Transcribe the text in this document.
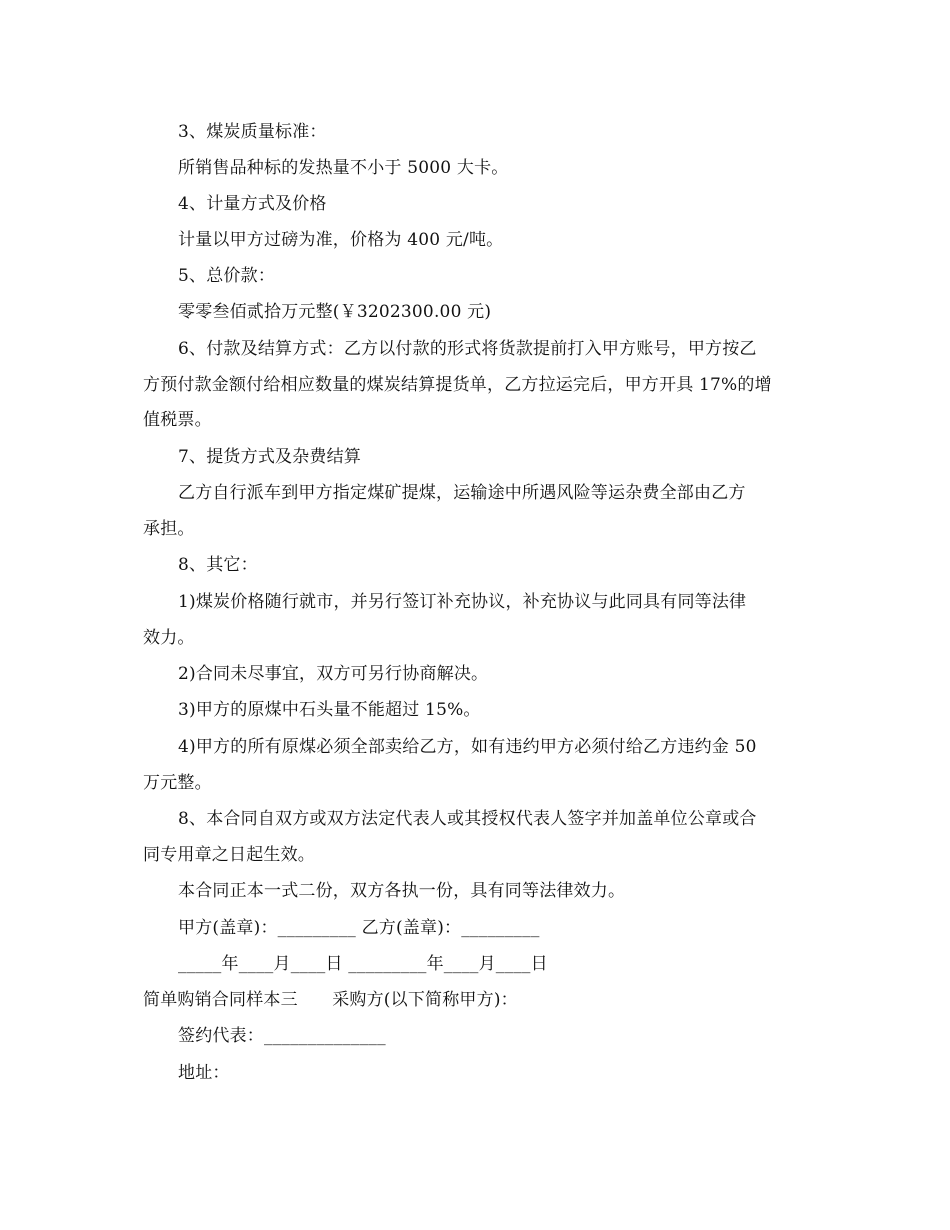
3、煤炭质量标准：
所销售品种标的发热量不小于 5000 大卡。
4、计量方式及价格
计量以甲方过磅为准，价格为 400 元/吨。
5、总价款：
零零叁佰贰拾万元整(￥3202300.00 元)
6、付款及结算方式：乙方以付款的形式将货款提前打入甲方账号，甲方按乙
方预付款金额付给相应数量的煤炭结算提货单，乙方拉运完后，甲方开具 17%的增
值税票。
7、提货方式及杂费结算
乙方自行派车到甲方指定煤矿提煤，运输途中所遇风险等运杂费全部由乙方
承担。
8、其它：
1)煤炭价格随行就市，并另行签订补充协议，补充协议与此同具有同等法律
效力。
2)合同未尽事宜，双方可另行协商解决。
3)甲方的原煤中石头量不能超过 15%。
4)甲方的所有原煤必须全部卖给乙方，如有违约甲方必须付给乙方违约金 50
万元整。
8、本合同自双方或双方法定代表人或其授权代表人签字并加盖单位公章或合
同专用章之日起生效。
本合同正本一式二份，双方各执一份，具有同等法律效力。
甲方(盖章)：_________ 乙方(盖章)：_________
_____年____月____日 _________年____月____日
简单购销合同样本三　　采购方(以下简称甲方)：
签约代表：______________
地址：
